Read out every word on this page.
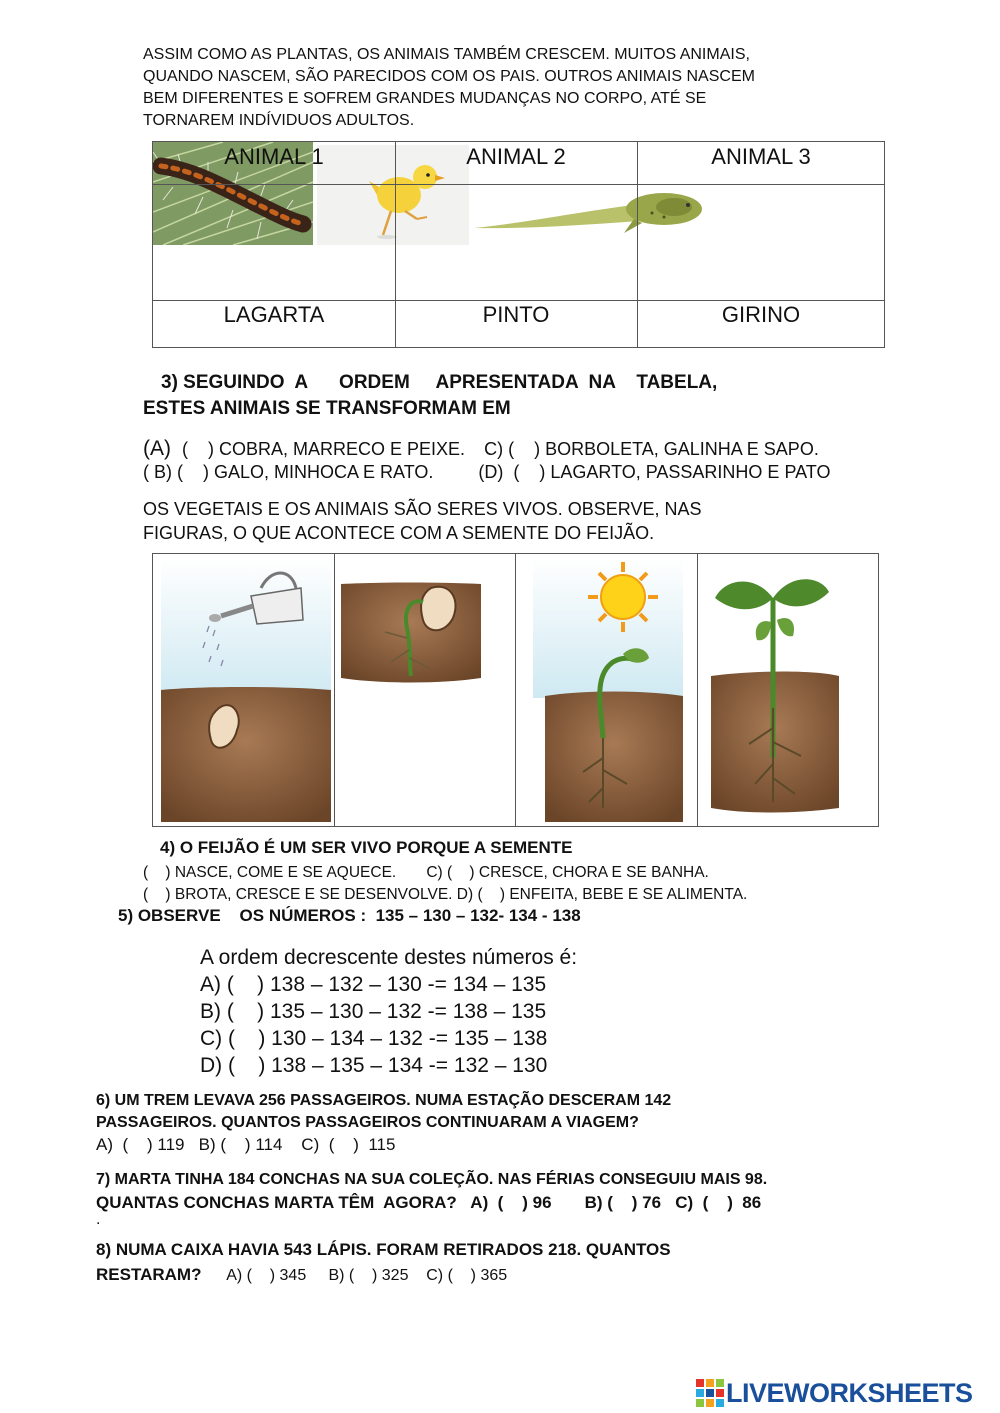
ASSIM COMO AS PLANTAS, OS ANIMAIS TAMBÉM CRESCEM. MUITOS ANIMAIS,
QUANDO NASCEM, SÃO PARECIDOS COM OS PAIS. OUTROS ANIMAIS NASCEM
BEM DIFERENTES E SOFREM GRANDES MUDANÇAS NO CORPO, ATÉ SE
TORNAREM INDÍVIDUOS ADULTOS.
ANIMAL 1	ANIMAL 2	ANIMAL 3

LAGARTA	PINTO	GIRINO
3) SEGUINDO  A      ORDEM     APRESENTADA  NA    TABELA,
ESTES ANIMAIS SE TRANSFORMAM EM
(A) (    ) COBRA, MARRECO E PEIXE. C) (    ) BORBOLETA, GALINHA E SAPO.
( B) (    ) GALO, MINHOCA E RATO.	(D)  (    ) LAGARTO, PASSARINHO E PATO
OS VEGETAIS E OS ANIMAIS SÃO SERES VIVOS. OBSERVE, NAS
FIGURAS, O QUE ACONTECE COM A SEMENTE DO FEIJÃO.
4) O FEIJÃO É UM SER VIVO PORQUE A SEMENTE
(    ) NASCE, COME E SE AQUECE.       C) (    ) CRESCE, CHORA E SE BANHA.
(    ) BROTA, CRESCE E SE DESENVOLVE. D) (    ) ENFEITA, BEBE E SE ALIMENTA.
5) OBSERVE    OS NÚMEROS :  135 – 130 – 132- 134 - 138
A ordem decrescente destes números é:
A) (    ) 138 – 132 – 130 -= 134 – 135
B) (    ) 135 – 130 – 132 -= 138 – 135
C) (    ) 130 – 134 – 132 -= 135 – 138
D) (    ) 138 – 135 – 134 -= 132 – 130
6) UM TREM LEVAVA 256 PASSAGEIROS. NUMA ESTAÇÃO DESCERAM 142
PASSAGEIROS. QUANTOS PASSAGEIROS CONTINUARAM A VIAGEM?
A)  (    ) 119   B) (    ) 114    C)  (    )  115
7) MARTA TINHA 184 CONCHAS NA SUA COLEÇÃO. NAS FÉRIAS CONSEGUIU MAIS 98.
QUANTAS CONCHAS MARTA TÊM  AGORA?   A)  (    ) 96       B) (    ) 76   C)  (    )  86
.
8) NUMA CAIXA HAVIA 543 LÁPIS. FORAM RETIRADOS 218. QUANTOS
RESTARAM? A) (    ) 345     B) (    ) 325    C) (    ) 365
LIVEWORKSHEETS
